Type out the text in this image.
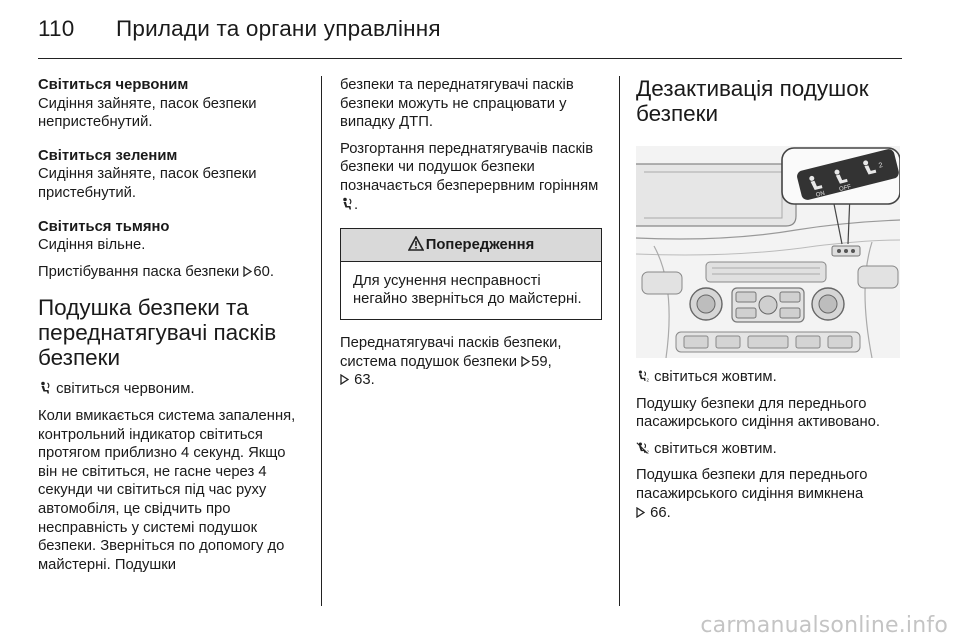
110 Прилади та органи управління
Світиться червоним
Сидіння зайняте, пасок безпеки непристебнутий.
Світиться зеленим
Сидіння зайняте, пасок безпеки пристебнутий.
Світиться тьмяно
Сидіння вільне.
Пристібування паска безпеки 60.
Подушка безпеки та переднатягувачі пасків безпеки
світиться червоним.
Коли вмикається система запалення, контрольний індикатор світиться протягом приблизно 4 секунд. Якщо він не світиться, не гасне через 4 секунди чи світиться під час руху автомобіля, це свідчить про несправність у системі подушок безпеки. Зверніться по допомогу до майстерні. Подушки
безпеки та переднатягувачі пасків безпеки можуть не спрацювати у випадку ДТП.
Розгортання переднатягувачів пасків безпеки чи подушок безпеки позначається безперервним горінням .
Попередження
Для усунення несправності негайно зверніться до майстерні.
Переднатягувачі пасків безпеки, система подушок безпеки 59,
63.
Дезактивація подушок безпеки
ON
OFF
2
2 світиться жовтим.
Подушку безпеки для переднього пасажирського сидіння активовано.
2 світиться жовтим.
Подушка безпеки для переднього пасажирського сидіння вимкнена
66.
carmanualsonline.info
